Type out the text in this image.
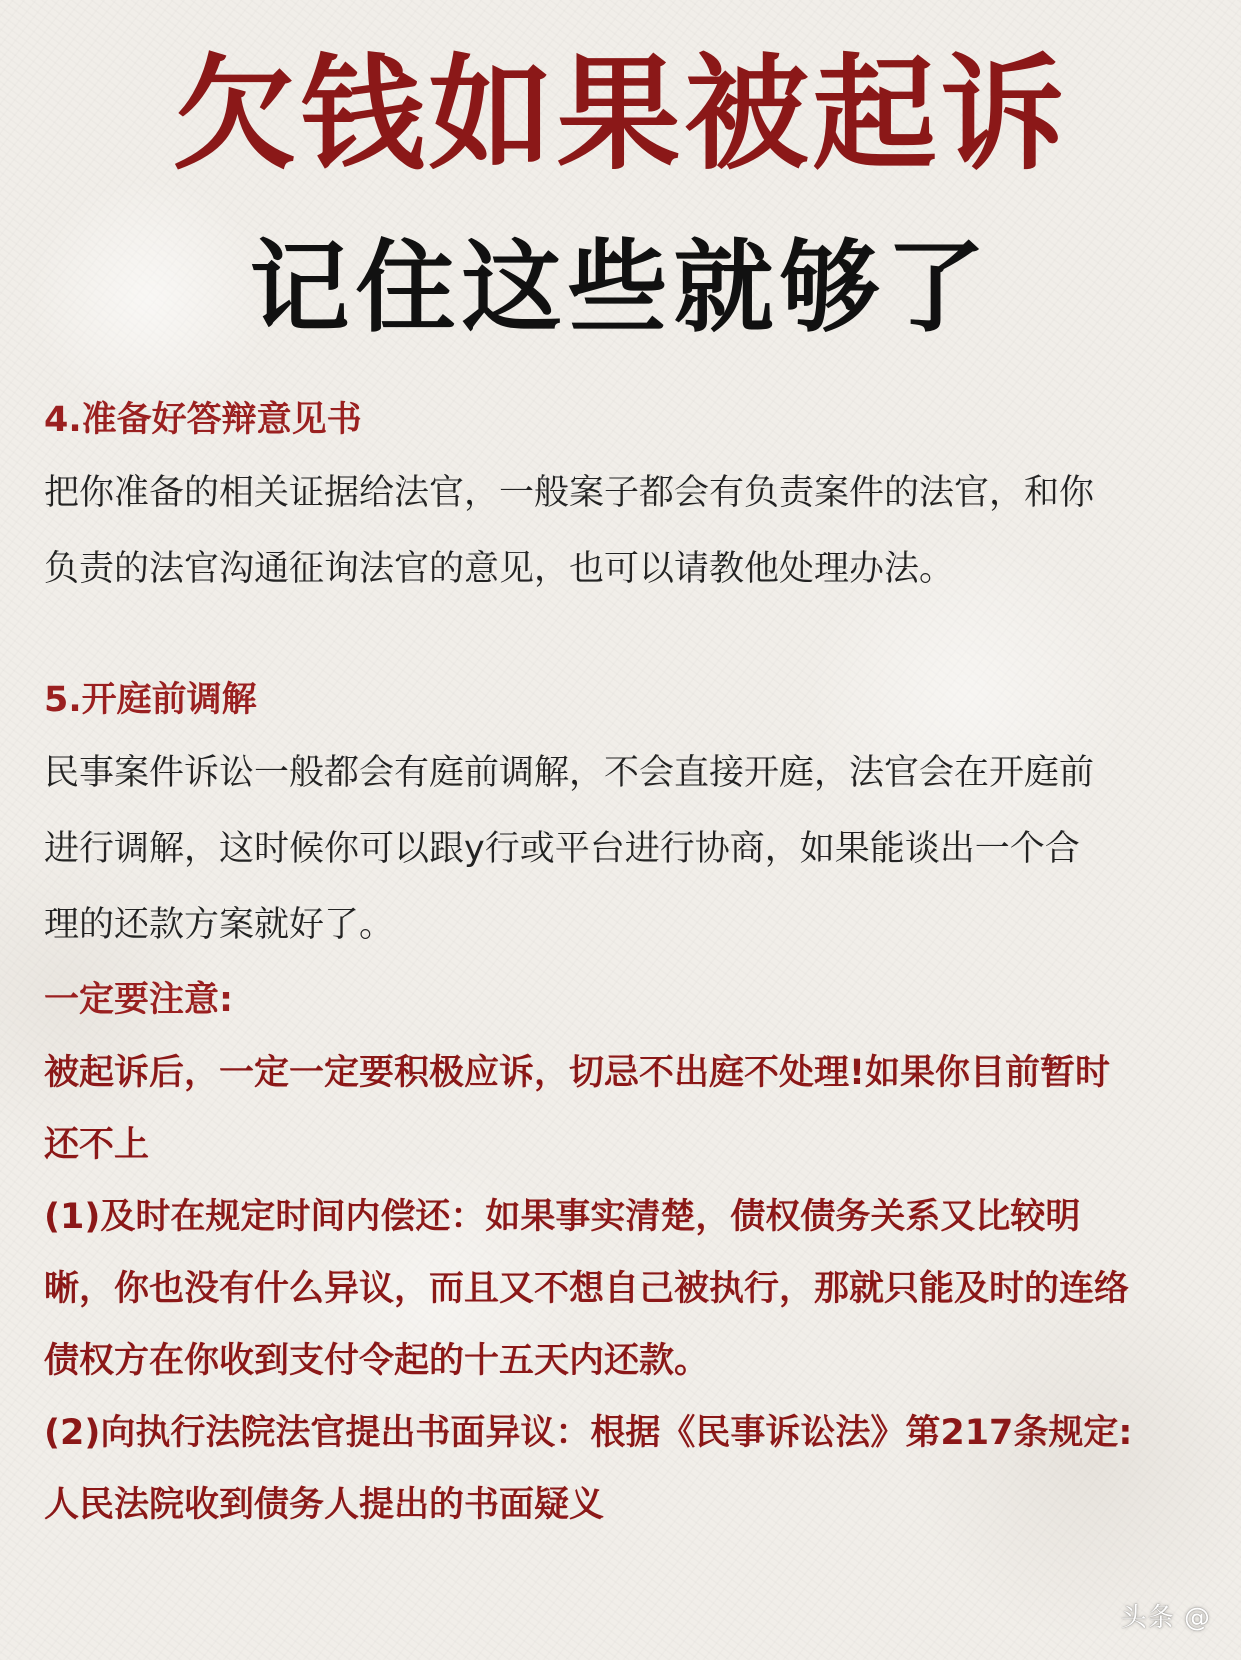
欠钱如果被起诉
记住这些就够了

4.准备好答辩意见书

把你准备的相关证据给法官，一般案子都会有负责案件的法官，和你

负责的法官沟通征询法官的意见，也可以请教他处理办法。

5.开庭前调解

民事案件诉讼一般都会有庭前调解，不会直接开庭，法官会在开庭前

进行调解，这时候你可以跟y行或平台进行协商，如果能谈出一个合

理的还款方案就好了。

一定要注意:

被起诉后，一定一定要积极应诉，切忌不出庭不处理!如果你目前暂时

还不上

(1)及时在规定时间内偿还：如果事实清楚，债权债务关系又比较明

晰，你也没有什么异议，而且又不想自己被执行，那就只能及时的连络

债权方在你收到支付令起的十五天内还款。

(2)向执行法院法官提出书面异议：根据《民事诉讼法》第217条规定:

人民法院收到债务人提出的书面疑义

头条 @
